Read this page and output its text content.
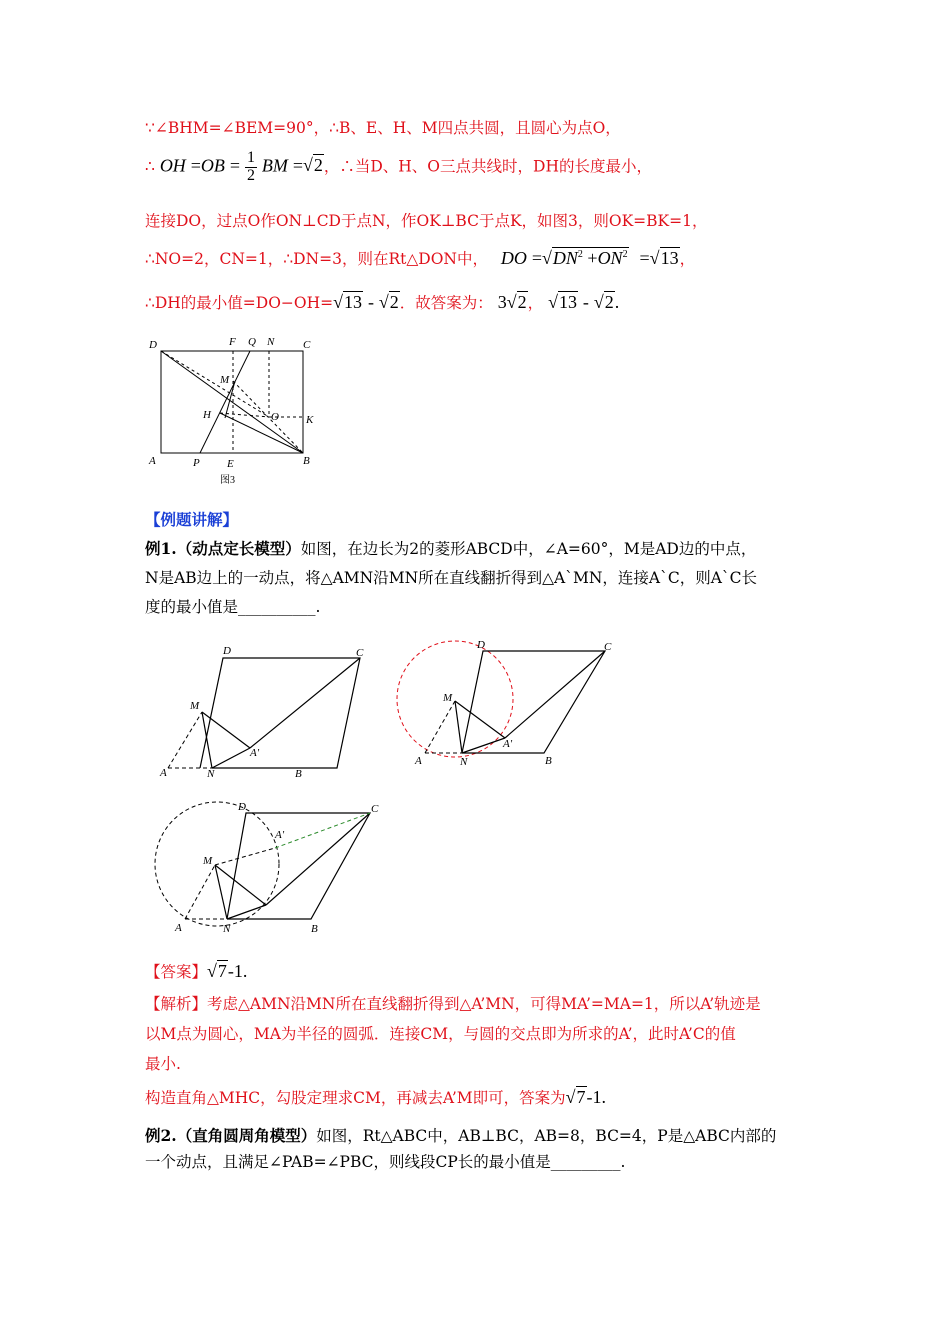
∵∠BHM=∠BEM=90°，∴B、E、H、M四点共圆，且圆心为点O，
∴ OH $=OB = \frac{1}{2}$ BM =√2，∴当D、H、O三点共线时，DH的长度最小，
连接DO，过点O作ON⊥CD于点N，作OK⊥BC于点K，如图3，则OK=BK=1，
∴NO=2，CN=1，∴DN=3，则在Rt△DON中， DO $=√DN^2 +ON^2 =√13$，
∴DH的最小值=DO−OH=√13 - √2．故答案为： 3√2， √13 - √2.
D	F Q N	C
M
H	O K
A	P E	B
图3
【例题讲解】
例1.（动点定长模型）如图，在边长为2的菱形ABCD中，∠A=60°，M是AD边的中点，
N是AB边上的一动点，将△AMN沿MN所在直线翻折得到△A`MN，连接A`C，则A`C长
度的最小值是__________.
D	C
M
A'
A	N	B
D	C
M
A'
A	N	B
D	C
A'
M
A	N	B
【答案】√7-1.
【解析】考虑△AMN沿MN所在直线翻折得到△A’MN，可得MA’=MA=1，所以A’轨迹是
以M点为圆心，MA为半径的圆弧．连接CM，与圆的交点即为所求的A’，此时A’C的值
最小.
构造直角△MHC，勾股定理求CM，再减去A’M即可，答案为√7-1.
例2.（直角圆周角模型）如图，Rt△ABC中，AB⊥BC，AB=8，BC=4，P是△ABC内部的
一个动点，且满足∠PAB=∠PBC，则线段CP长的最小值是_________.
